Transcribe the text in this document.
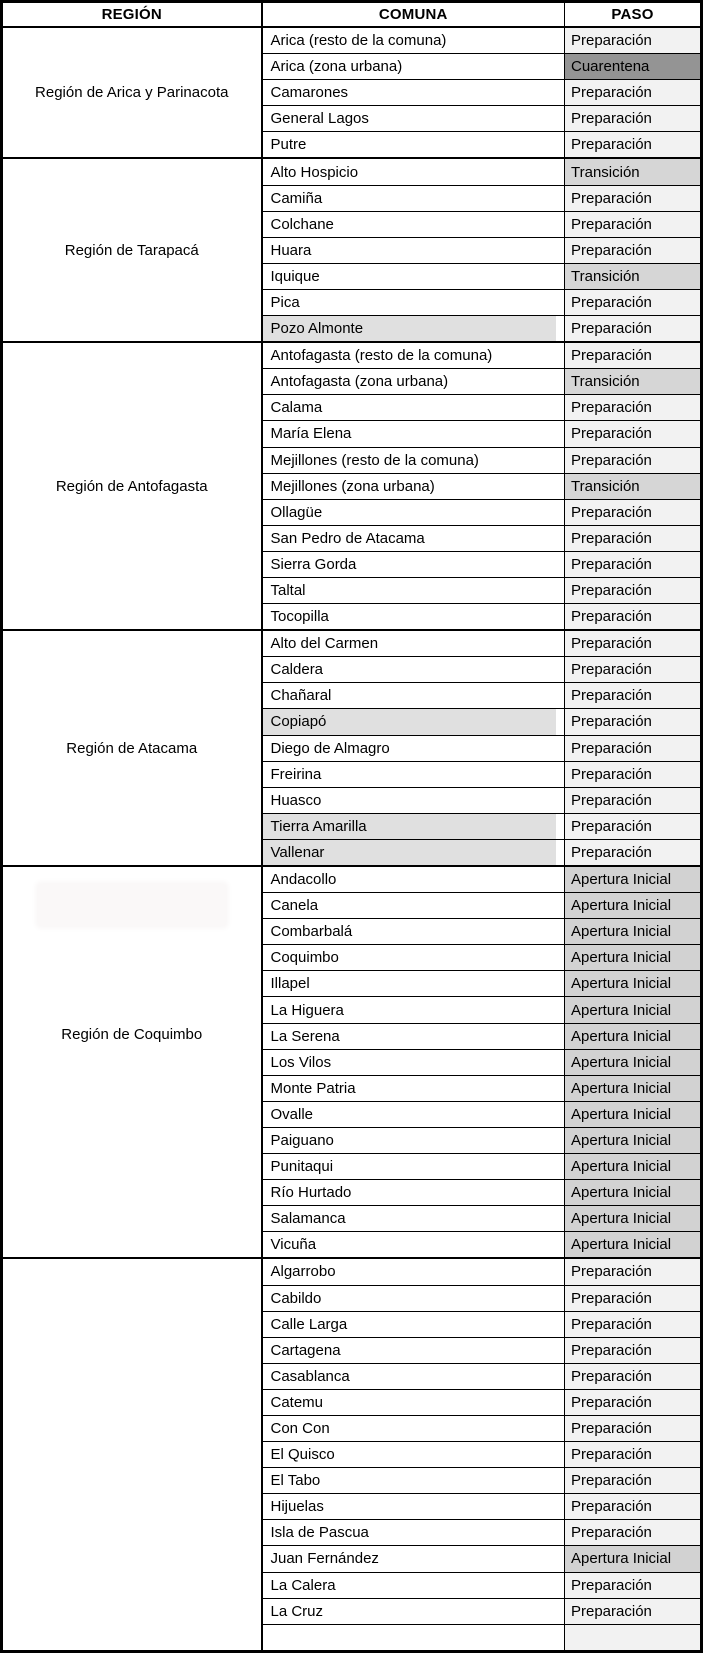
REGIÓN	COMUNA	PASO
Región de Arica y Parinacota	Arica (resto de la comuna)	Preparación
	Arica (zona urbana)	Cuarentena
	Camarones	Preparación
	General Lagos	Preparación
	Putre	Preparación
Región de Tarapacá	Alto Hospicio	Transición
	Camiña	Preparación
	Colchane	Preparación
	Huara	Preparación
	Iquique	Transición
	Pica	Preparación
	Pozo Almonte	Preparación
Región de Antofagasta	Antofagasta (resto de la comuna)	Preparación
	Antofagasta (zona urbana)	Transición
	Calama	Preparación
	María Elena	Preparación
	Mejillones (resto de la comuna)	Preparación
	Mejillones (zona urbana)	Transición
	Ollagüe	Preparación
	San Pedro de Atacama	Preparación
	Sierra Gorda	Preparación
	Taltal	Preparación
	Tocopilla	Preparación
Región de Atacama	Alto del Carmen	Preparación
	Caldera	Preparación
	Chañaral	Preparación
	Copiapó	Preparación
	Diego de Almagro	Preparación
	Freirina	Preparación
	Huasco	Preparación
	Tierra Amarilla	Preparación
	Vallenar	Preparación
Región de Coquimbo	Andacollo	Apertura Inicial
	Canela	Apertura Inicial
	Combarbalá	Apertura Inicial
	Coquimbo	Apertura Inicial
	Illapel	Apertura Inicial
	La Higuera	Apertura Inicial
	La Serena	Apertura Inicial
	Los Vilos	Apertura Inicial
	Monte Patria	Apertura Inicial
	Ovalle	Apertura Inicial
	Paiguano	Apertura Inicial
	Punitaqui	Apertura Inicial
	Río Hurtado	Apertura Inicial
	Salamanca	Apertura Inicial
	Vicuña	Apertura Inicial
	Algarrobo	Preparación
	Cabildo	Preparación
	Calle Larga	Preparación
	Cartagena	Preparación
	Casablanca	Preparación
	Catemu	Preparación
	Con Con	Preparación
	El Quisco	Preparación
	El Tabo	Preparación
	Hijuelas	Preparación
	Isla de Pascua	Preparación
	Juan Fernández	Apertura Inicial
	La Calera	Preparación
	La Cruz	Preparación
